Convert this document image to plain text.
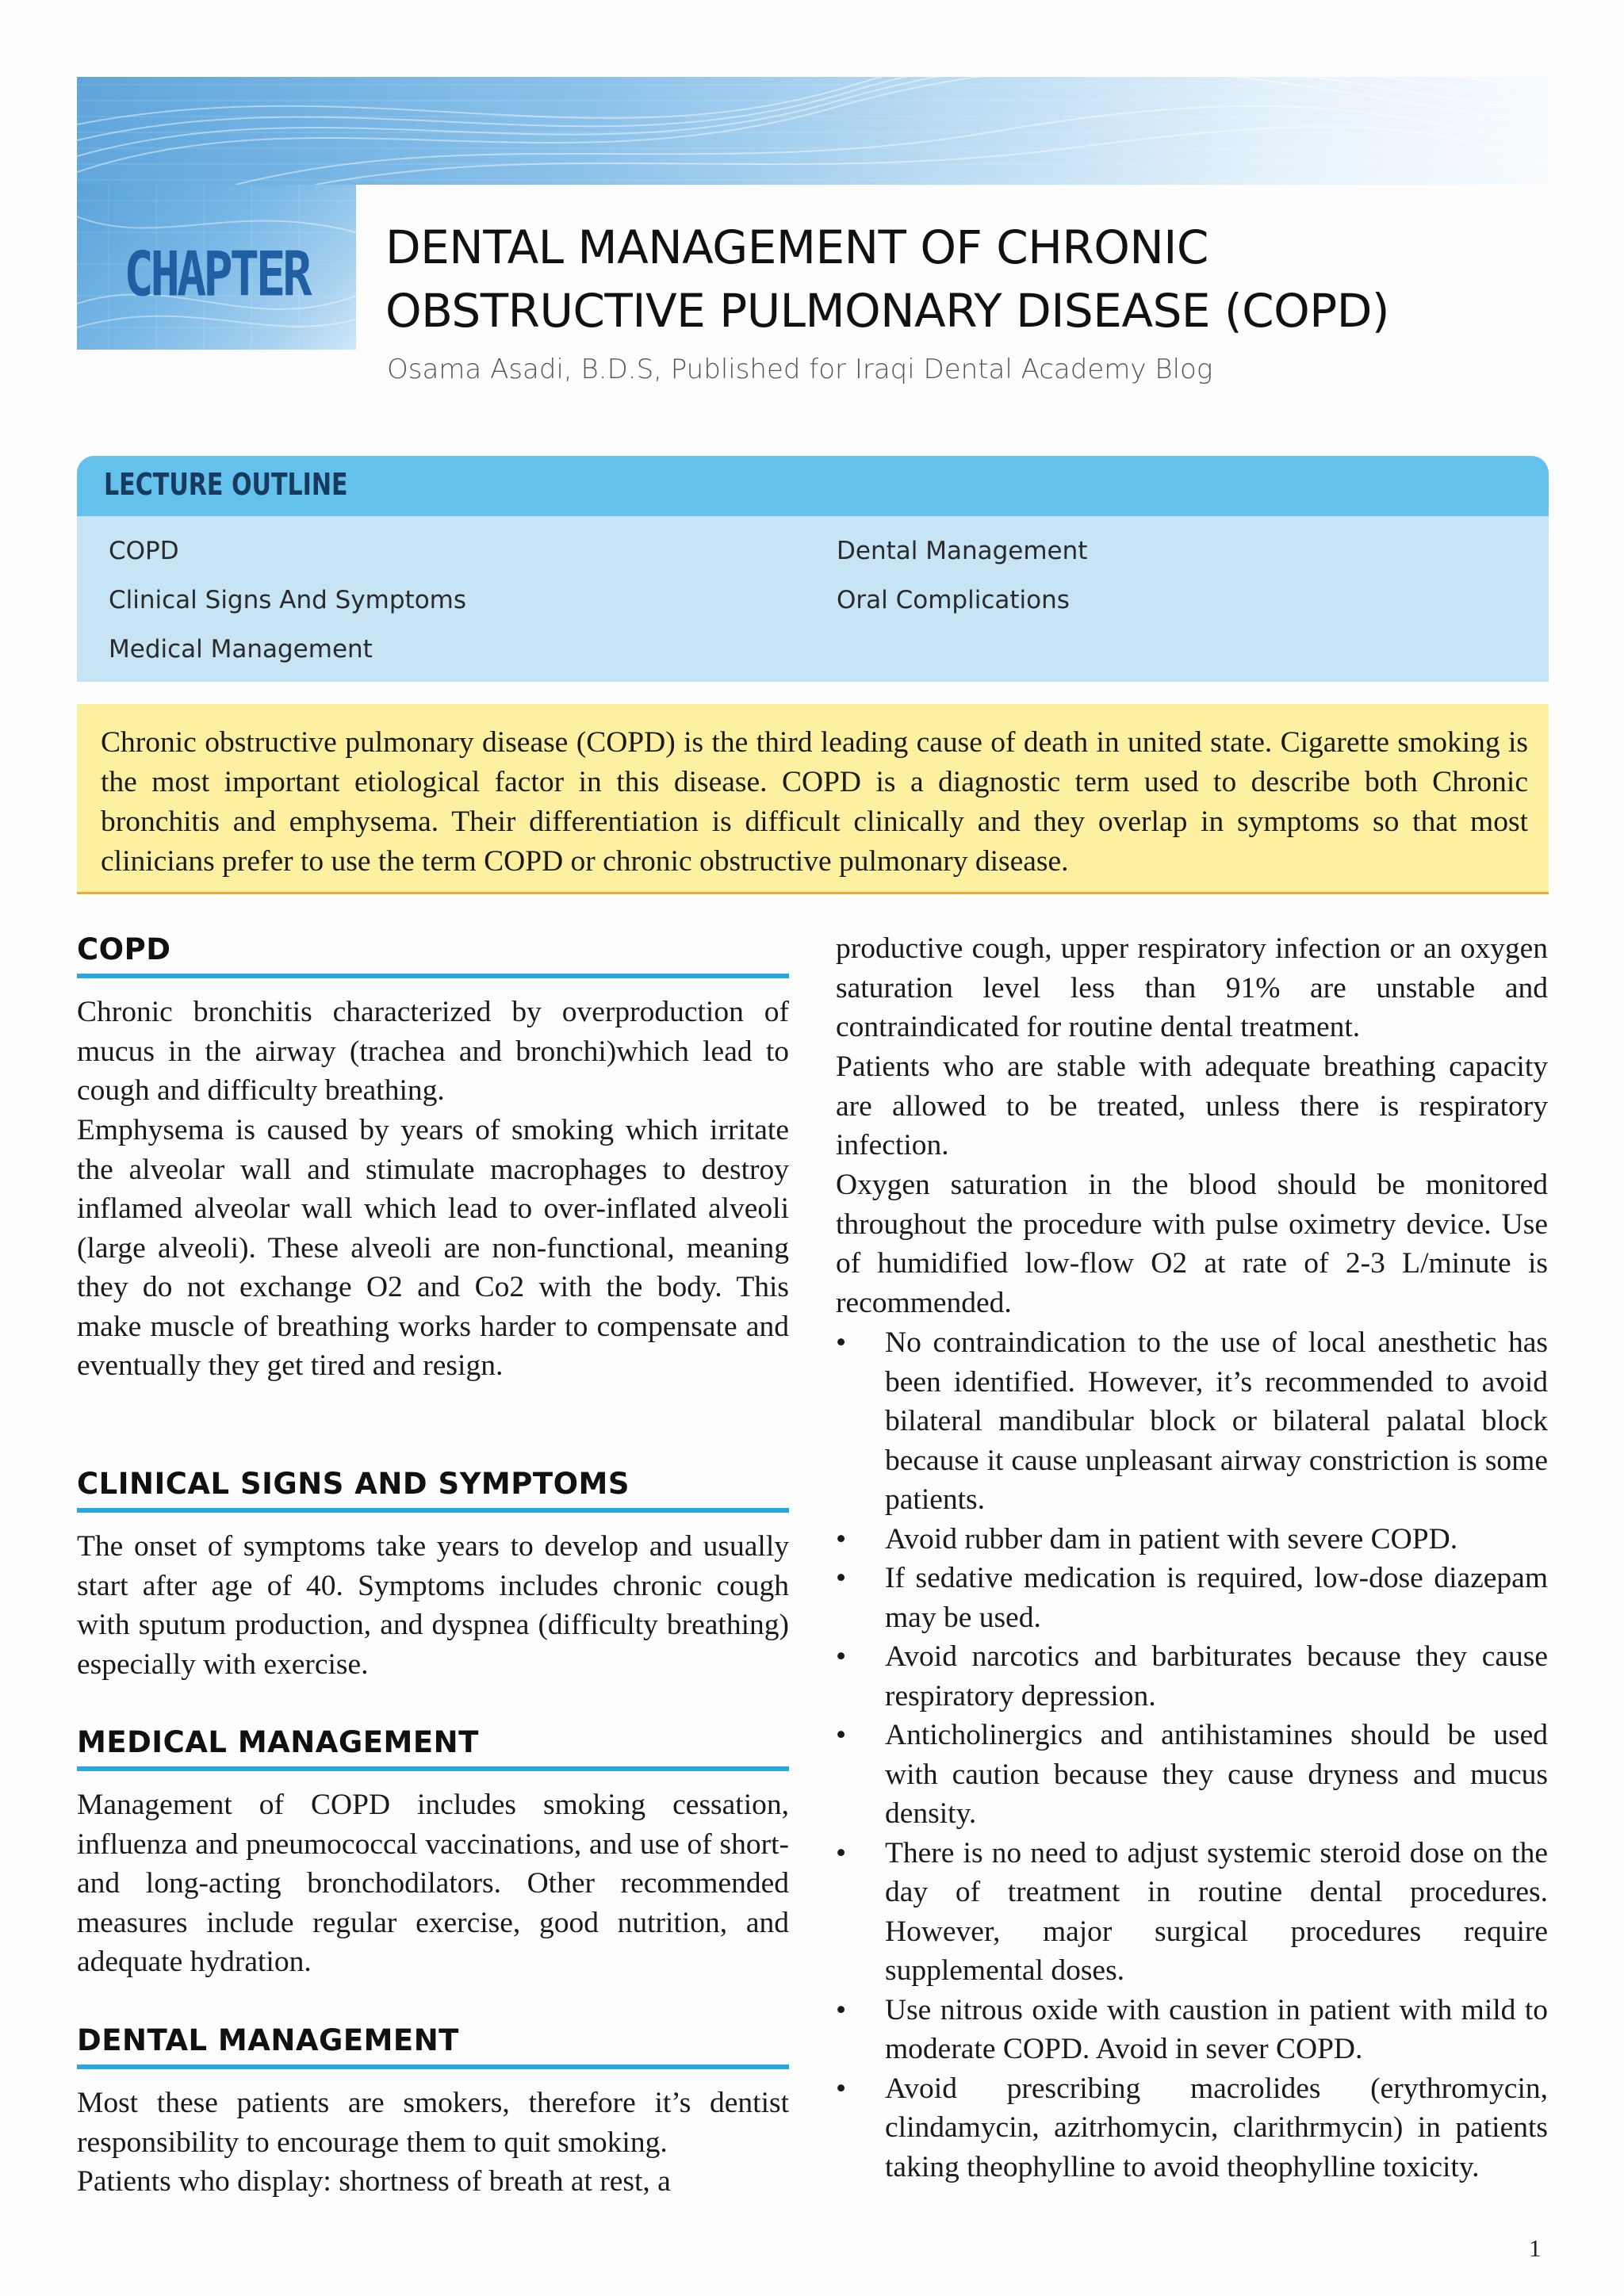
CHAPTER	DENTAL MANAGEMENT OF CHRONIC
OBSTRUCTIVE PULMONARY DISEASE (COPD)
Osama Asadi, B.D.S, Published for Iraqi Dental Academy Blog
LECTURE OUTLINE
COPD
Clinical Signs And Symptoms
Medical Management
Dental Management
Oral Complications

Chronic obstructive pulmonary disease (COPD) is the third leading cause of death in united state. Cigarette smoking is the most important etiological factor in this disease. COPD is a diagnostic term used to describe both Chronic bronchitis and emphysema. Their differentiation is difficult clinically and they overlap in symptoms so that most clinicians prefer to use the term COPD or chronic obstructive pulmonary disease.

COPD

Chronic bronchitis characterized by overproduction of mucus in the airway (trachea and bronchi)which lead to cough and difficulty breathing.

Emphysema is caused by years of smoking which irritate the alveolar wall and stimulate macrophages to destroy inflamed alveolar wall which lead to over-inflated alveoli (large alveoli). These alveoli are non-functional, meaning they do not exchange O2 and Co2 with the body. This make muscle of breathing works harder to compensate and eventually they get tired and resign.

CLINICAL SIGNS AND SYMPTOMS

The onset of symptoms take years to develop and usually start after age of 40. Symptoms includes chronic cough with sputum production, and dyspnea (difficulty breathing) especially with exercise.

MEDICAL MANAGEMENT

Management of COPD includes smoking cessation, influenza and pneumococcal vaccinations, and use of short- and long-acting bronchodilators. Other recommended measures include regular exercise, good nutrition, and adequate hydration.

DENTAL MANAGEMENT

Most these patients are smokers, therefore it’s dentist responsibility to encourage them to quit smoking.

Patients who display: shortness of breath at rest, a

productive cough, upper respiratory infection or an oxygen saturation level less than 91% are unstable and contraindicated for routine dental treatment.

Patients who are stable with adequate breathing capacity are allowed to be treated, unless there is respiratory infection.

Oxygen saturation in the blood should be monitored throughout the procedure with pulse oximetry device. Use of humidified low-flow O2 at rate of 2-3 L/minute is recommended.

• No contraindication to the use of local anesthetic has been identified. However, it’s recommended to avoid bilateral mandibular block or bilateral palatal block because it cause unpleasant airway constriction is some patients.
• Avoid rubber dam in patient with severe COPD.
• If sedative medication is required, low-dose diazepam may be used.
• Avoid narcotics and barbiturates because they cause respiratory depression.
• Anticholinergics and antihistamines should be used with caution because they cause dryness and mucus density.
• There is no need to adjust systemic steroid dose on the day of treatment in routine dental procedures. However, major surgical procedures require supplemental doses.
• Use nitrous oxide with caustion in patient with mild to moderate COPD. Avoid in sever COPD.
• Avoid prescribing macrolides (erythromycin, clindamycin, azitrhomycin, clarithrmycin) in patients taking theophylline to avoid theophylline toxicity.
1
